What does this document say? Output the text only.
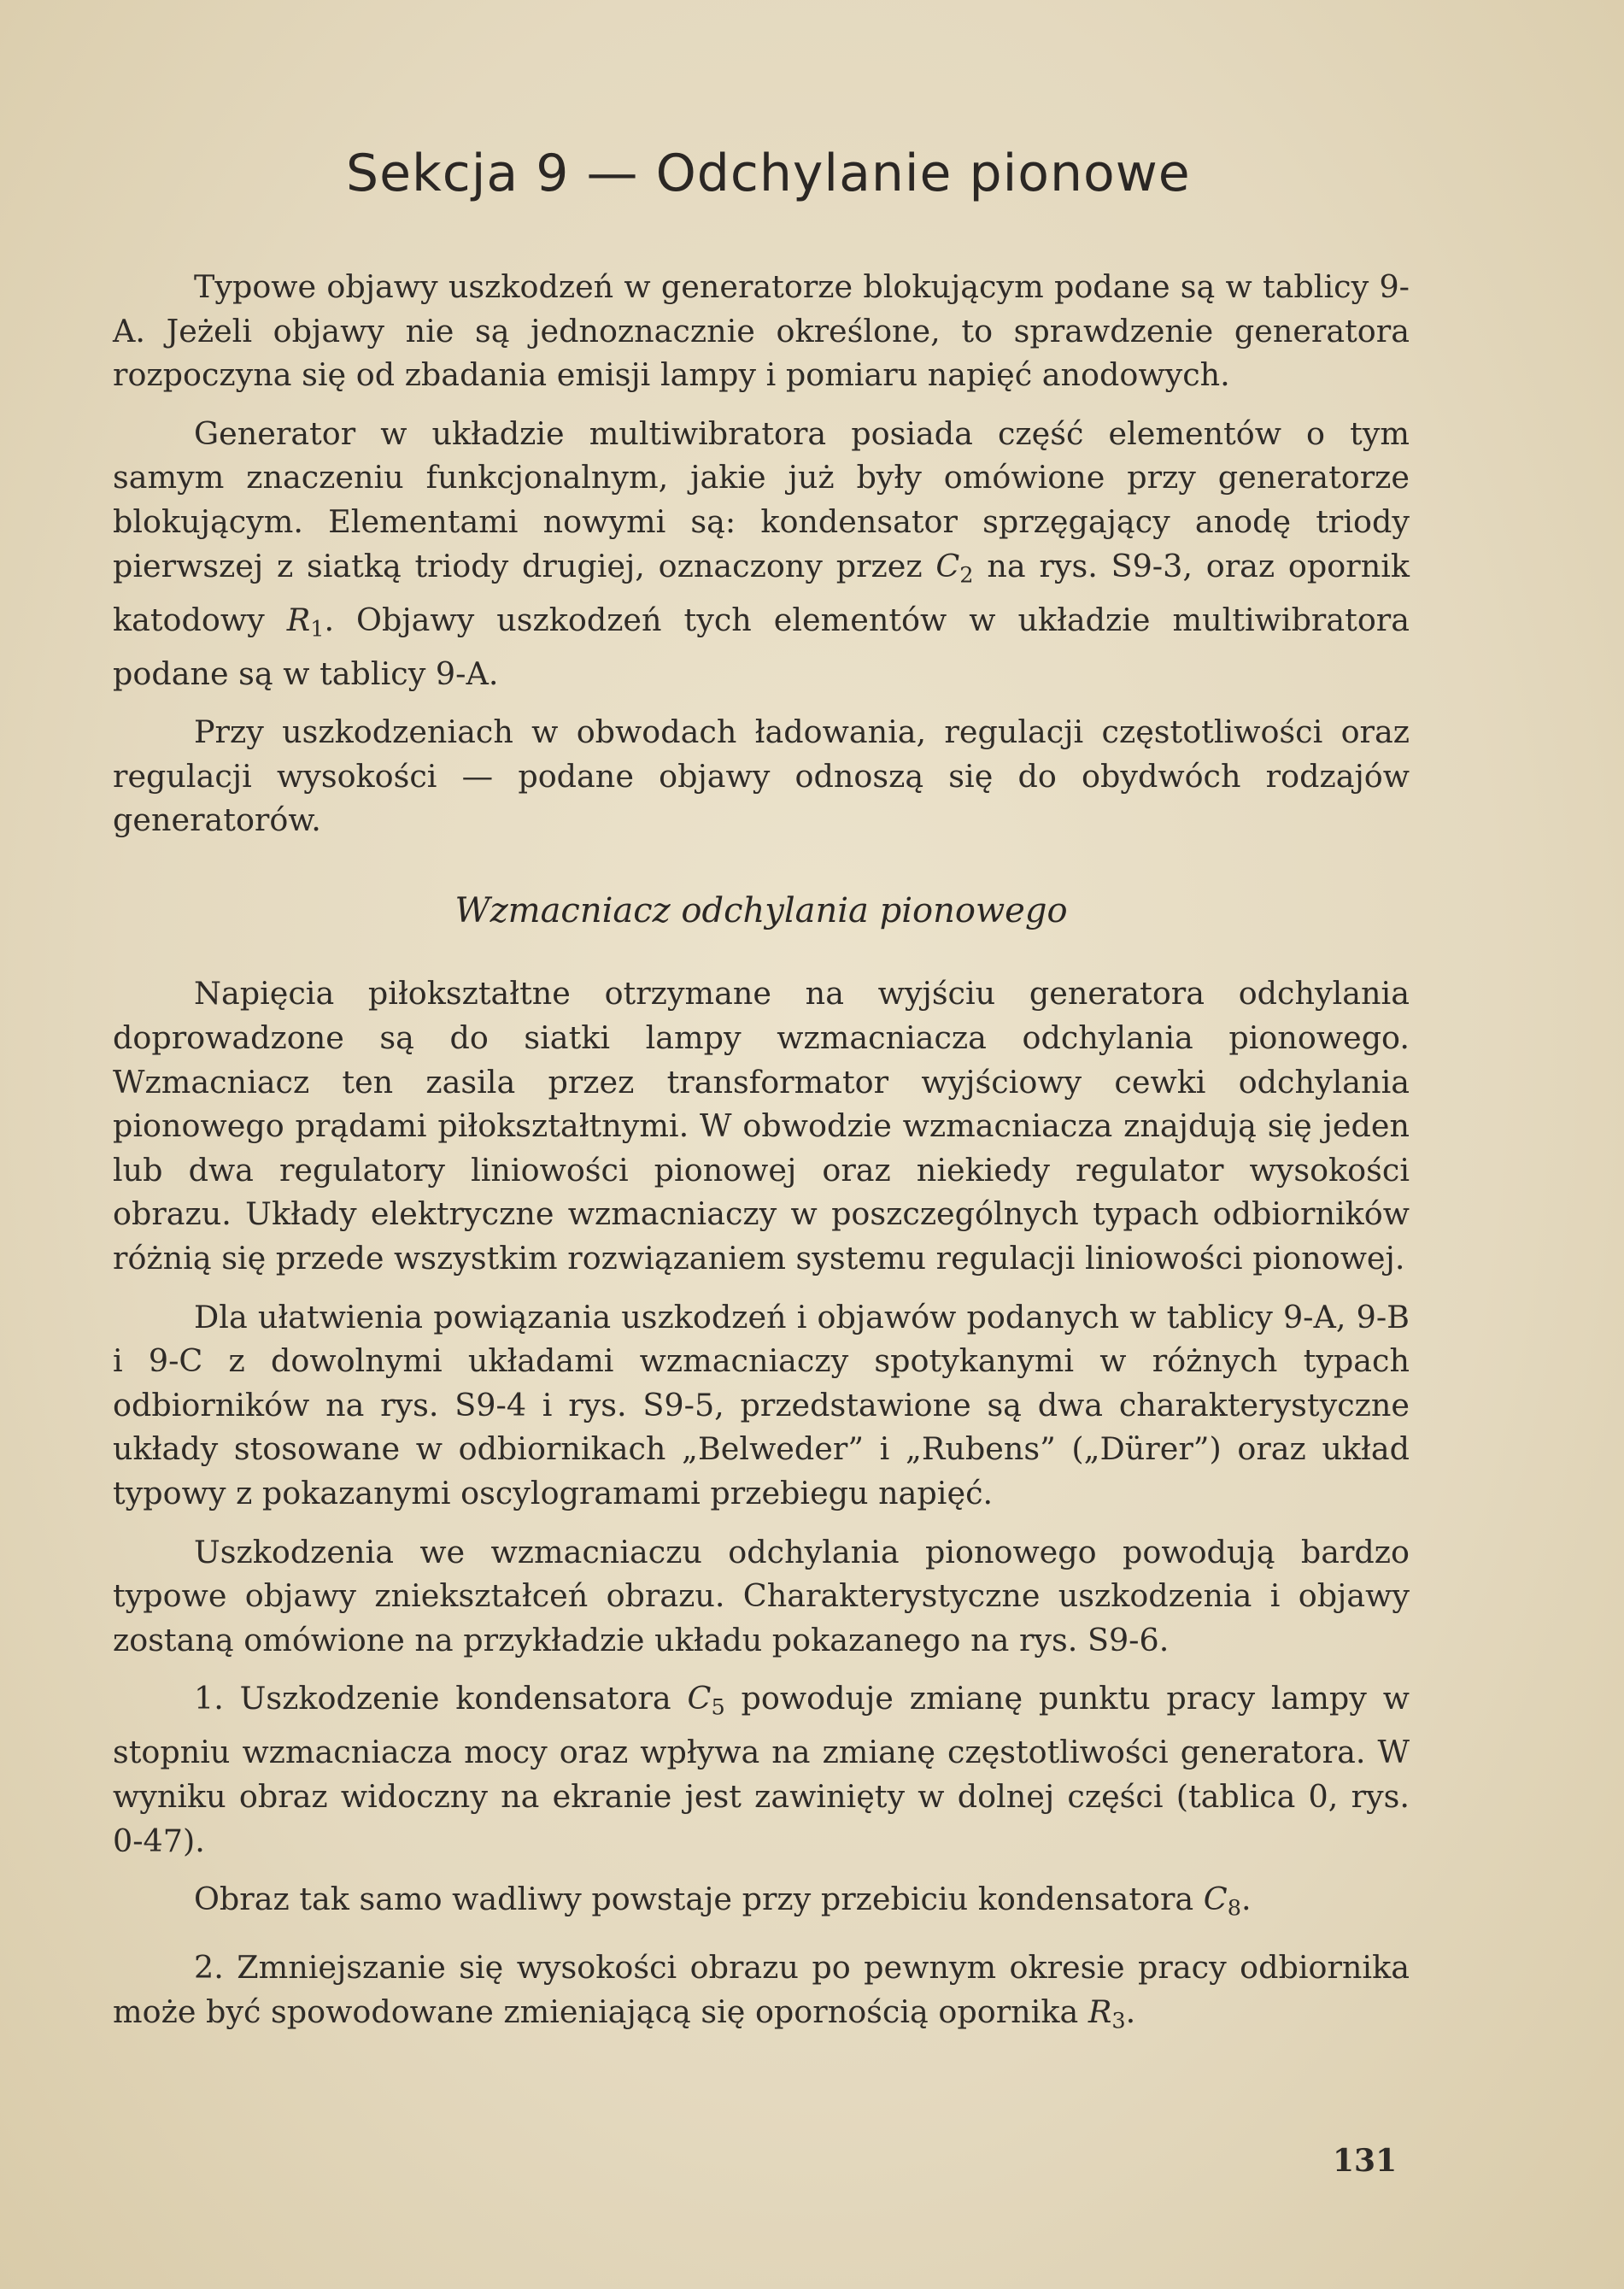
Sekcja 9 — Odchylanie pionowe

Typowe objawy uszkodzeń w generatorze blokującym podane są w tablicy 9-A. Jeżeli objawy nie są jednoznacznie określone, to sprawdzenie generatora rozpoczyna się od zbadania emisji lampy i pomiaru napięć anodowych.

Generator w układzie multiwibratora posiada część elementów o tym samym znaczeniu funkcjonalnym, jakie już były omówione przy generatorze blokującym. Elementami nowymi są: kondensator sprzęgający anodę triody pierwszej z siatką triody drugiej, oznaczony przez $C_2$ na rys. S9-3, oraz opornik katodowy $R_1$. Objawy uszkodzeń tych elementów w układzie multiwibratora podane są w tablicy 9-A.

Przy uszkodzeniach w obwodach ładowania, regulacji częstotliwości oraz regulacji wysokości — podane objawy odnoszą się do obydwóch rodzajów generatorów.

Wzmacniacz odchylania pionowego

Napięcia piłokształtne otrzymane na wyjściu generatora odchylania doprowadzone są do siatki lampy wzmacniacza odchylania pionowego. Wzmacniacz ten zasila przez transformator wyjściowy cewki odchylania pionowego prądami piłokształtnymi. W obwodzie wzmacniacza znajdują się jeden lub dwa regulatory liniowości pionowej oraz niekiedy regulator wysokości obrazu. Układy elektryczne wzmacniaczy w poszczególnych typach odbiorników różnią się przede wszystkim rozwiązaniem systemu regulacji liniowości pionowej.

Dla ułatwienia powiązania uszkodzeń i objawów podanych w tablicy 9-A, 9-B i 9-C z dowolnymi układami wzmacniaczy spotykanymi w różnych typach odbiorników na rys. S9-4 i rys. S9-5, przedstawione są dwa charakterystyczne układy stosowane w odbiornikach „Belweder” i „Rubens” („Dürer”) oraz układ typowy z pokazanymi oscylogramami przebiegu napięć.

Uszkodzenia we wzmacniaczu odchylania pionowego powodują bardzo typowe objawy zniekształceń obrazu. Charakterystyczne uszkodzenia i objawy zostaną omówione na przykładzie układu pokazanego na rys. S9-6.

1. Uszkodzenie kondensatora $C_5$ powoduje zmianę punktu pracy lampy w stopniu wzmacniacza mocy oraz wpływa na zmianę częstotliwości generatora. W wyniku obraz widoczny na ekranie jest zawinięty w dolnej części (tablica 0, rys. 0-47).

Obraz tak samo wadliwy powstaje przy przebiciu kondensatora $C_8$.

2. Zmniejszanie się wysokości obrazu po pewnym okresie pracy odbiornika może być spowodowane zmieniającą się opornością opornika $R_3$.

131
